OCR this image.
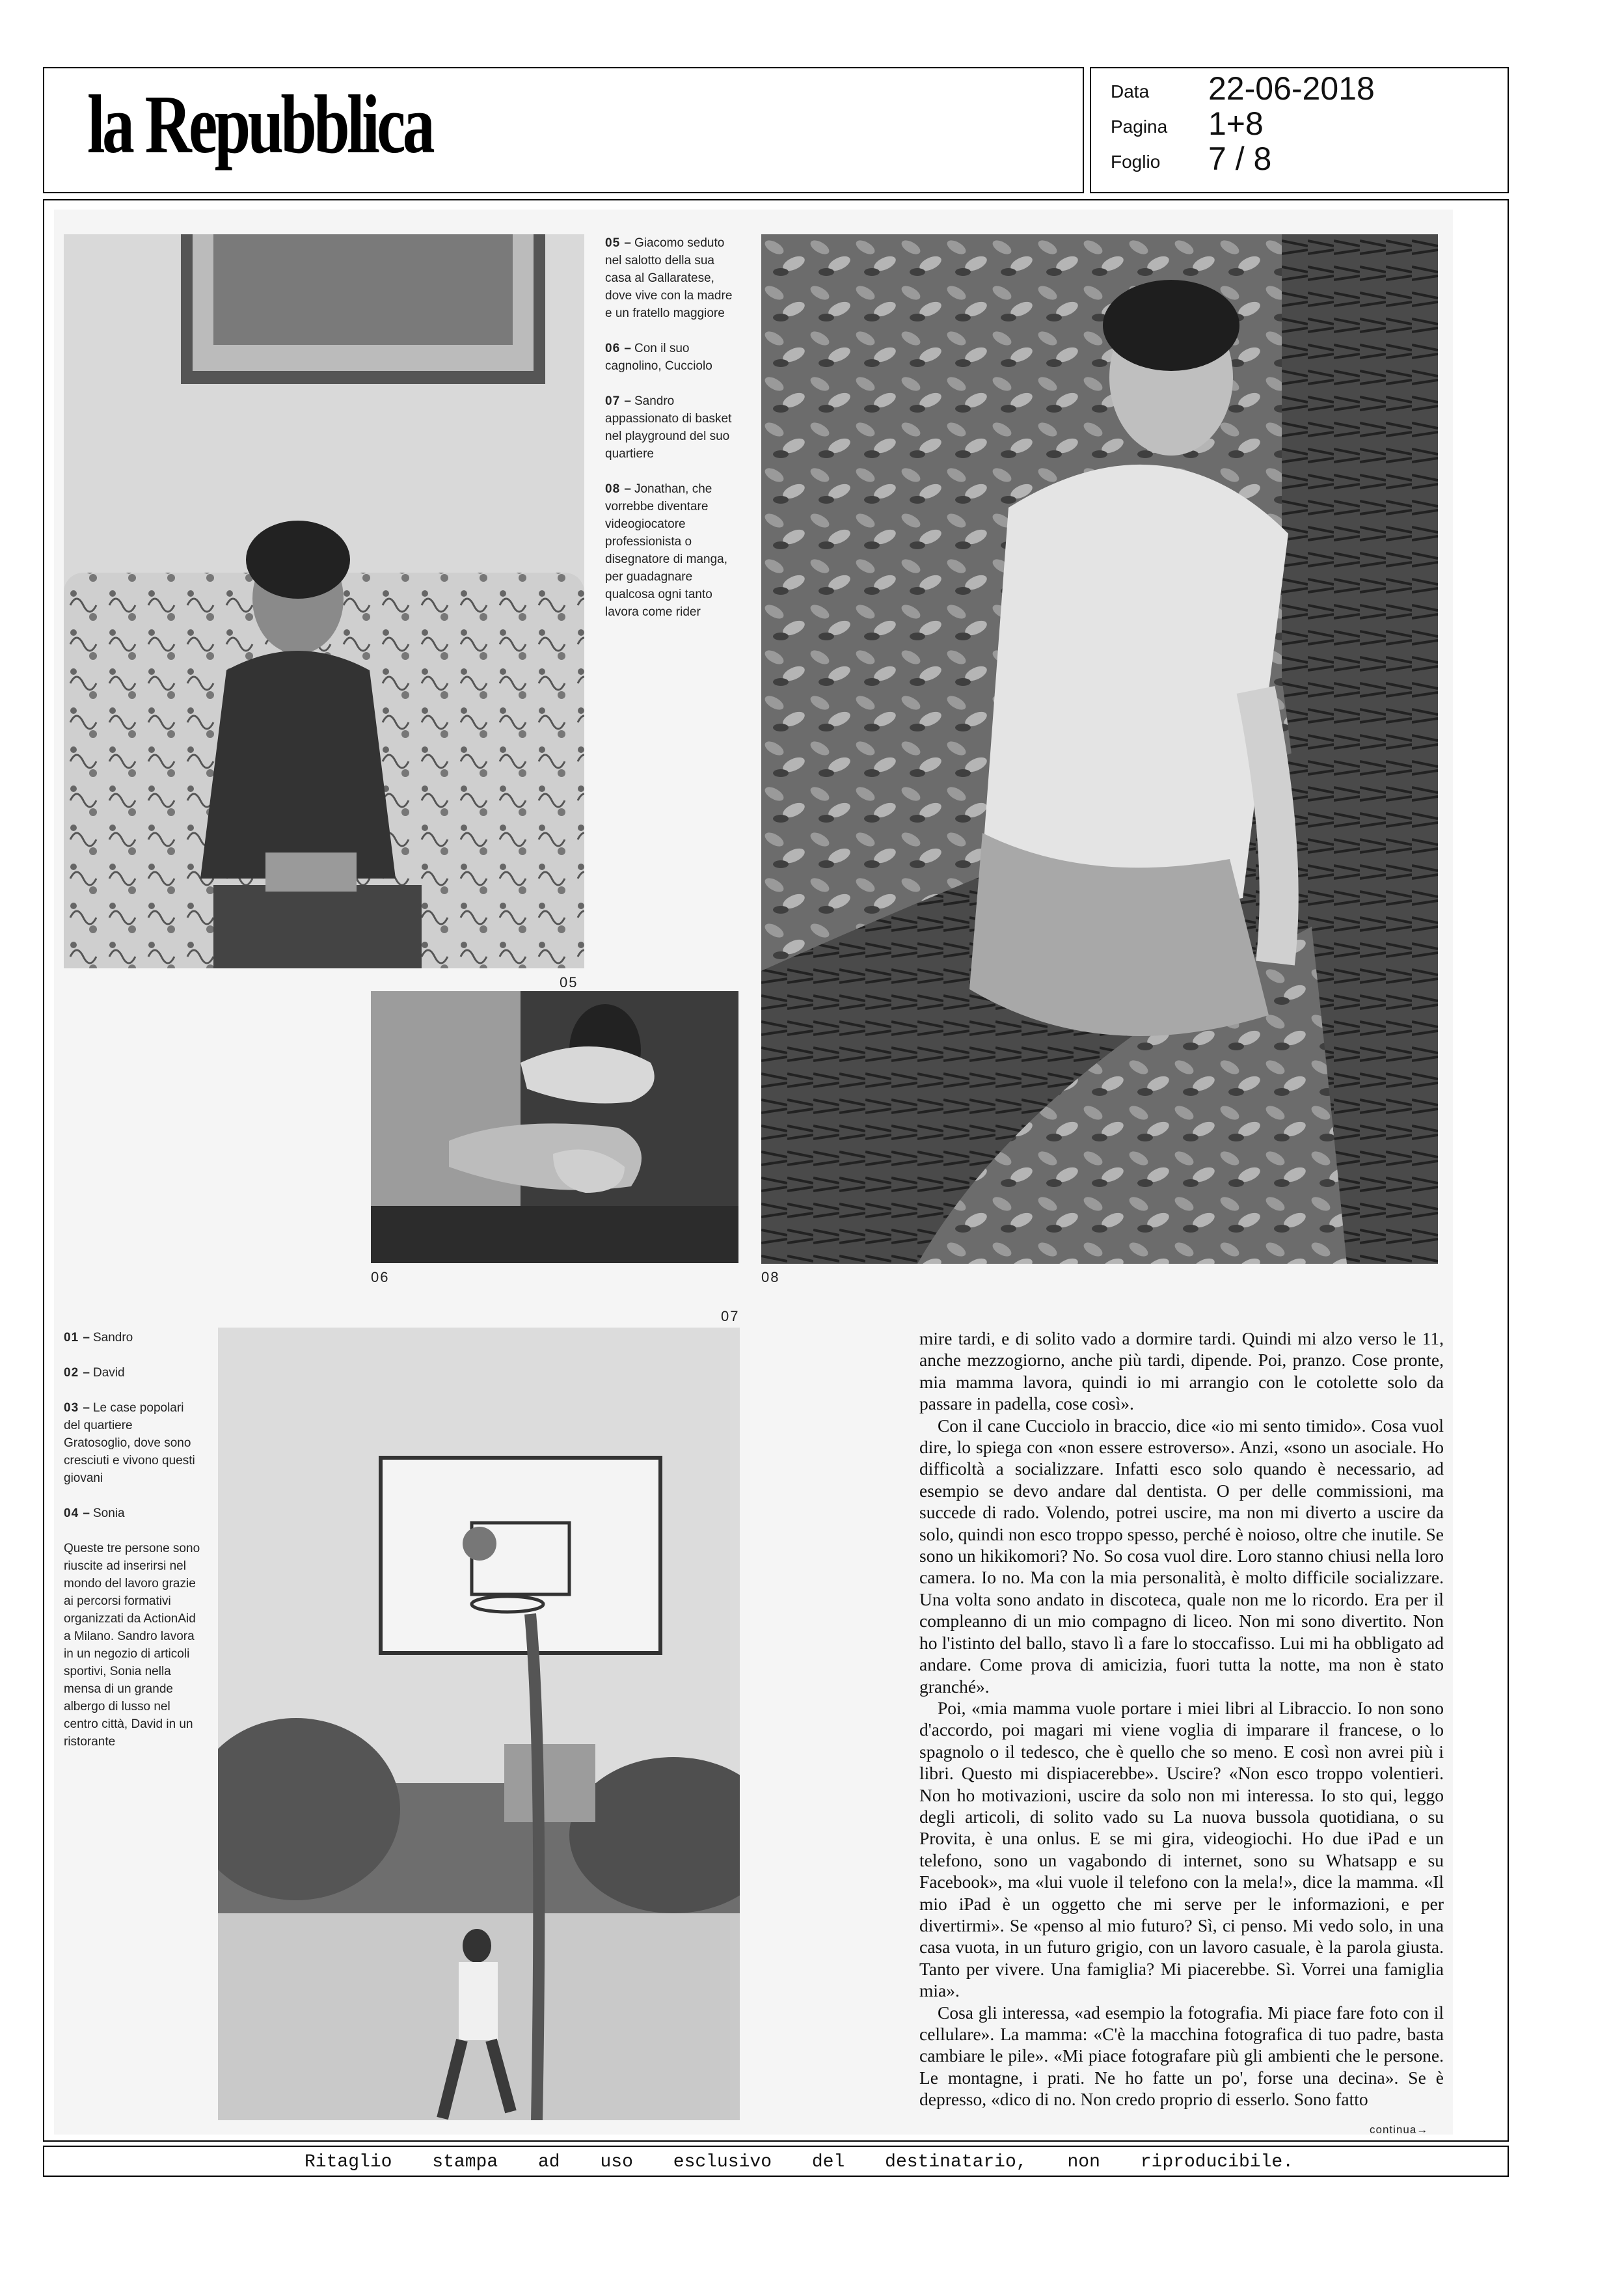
la Repubblica	Data 22-06-2018
Pagina 1+8
Foglio 7 / 8
05
06	08
07

05 – Giacomo seduto nel salotto della sua casa al Gallaratese, dove vive con la madre e un fratello maggiore

06 – Con il suo cagnolino, Cucciolo

07 – Sandro appassionato di basket nel playground del suo quartiere

08 – Jonathan, che vorrebbe diventare videogiocatore professionista o disegnatore di manga, per guadagnare qualcosa ogni tanto lavora come rider

01 – Sandro

02 – David

03 – Le case popolari del quartiere Gratosoglio, dove sono cresciuti e vivono questi giovani

04 – Sonia

Queste tre persone sono riuscite ad inserirsi nel mondo del lavoro grazie ai percorsi formativi organizzati da ActionAid a Milano. Sandro lavora in un negozio di articoli sportivi, Sonia nella mensa di un grande albergo di lusso nel centro città, David in un ristorante

mire tardi, e di solito vado a dormire tardi. Quindi mi alzo verso le 11, anche mezzogiorno, anche più tardi, dipende. Poi, pranzo. Cose pronte, mia mamma lavora, quindi io mi arrangio con le cotolette solo da passare in padella, cose così».

Con il cane Cucciolo in braccio, dice «io mi sento timido». Cosa vuol dire, lo spiega con «non essere estroverso». Anzi, «sono un asociale. Ho difficoltà a socializzare. Infatti esco solo quando è necessario, ad esempio se devo andare dal dentista. O per delle commissioni, ma succede di rado. Volendo, potrei uscire, ma non mi diverto a uscire da solo, quindi non esco troppo spesso, perché è noioso, oltre che inutile. Se sono un hikikomori? No. So cosa vuol dire. Loro stanno chiusi nella loro camera. Io no. Ma con la mia personalità, è molto difficile socializzare. Una volta sono andato in discoteca, quale non me lo ricordo. Era per il compleanno di un mio compagno di liceo. Non mi sono divertito. Non ho l'istinto del ballo, stavo lì a fare lo stoccafisso. Lui mi ha obbligato ad andare. Come prova di amicizia, fuori tutta la notte, ma non è stato granché».

Poi, «mia mamma vuole portare i miei libri al Libraccio. Io non sono d'accordo, poi magari mi viene voglia di imparare il francese, o lo spagnolo o il tedesco, che è quello che so meno. E così non avrei più i libri. Questo mi dispiacerebbe». Uscire? «Non esco troppo volentieri. Non ho motivazioni, uscire da solo non mi interessa. Io sto qui, leggo degli articoli, di solito vado su La nuova bussola quotidiana, o su Provita, è una onlus. E se mi gira, videogiochi. Ho due iPad e un telefono, sono un vagabondo di internet, sono su Whatsapp e su Facebook», ma «lui vuole il telefono con la mela!», dice la mamma. «Il mio iPad è un oggetto che mi serve per le informazioni, e per divertirmi». Se «penso al mio futuro? Sì, ci penso. Mi vedo solo, in una casa vuota, in un futuro grigio, con un lavoro casuale, è la parola giusta. Tanto per vivere. Una famiglia? Mi piacerebbe. Sì. Vorrei una famiglia mia».

Cosa gli interessa, «ad esempio la fotografia. Mi piace fare foto con il cellulare». La mamma: «C'è la macchina fotografica di tuo padre, basta cambiare le pile». «Mi piace fotografare più gli ambienti che le persone. Le montagne, i prati. Ne ho fatte un po', forse una decina». Se è depresso, «dico di no. Non credo proprio di esserlo. Sono fatto

continua→
Ritaglio stampa ad uso esclusivo del destinatario, non riproducibile.
